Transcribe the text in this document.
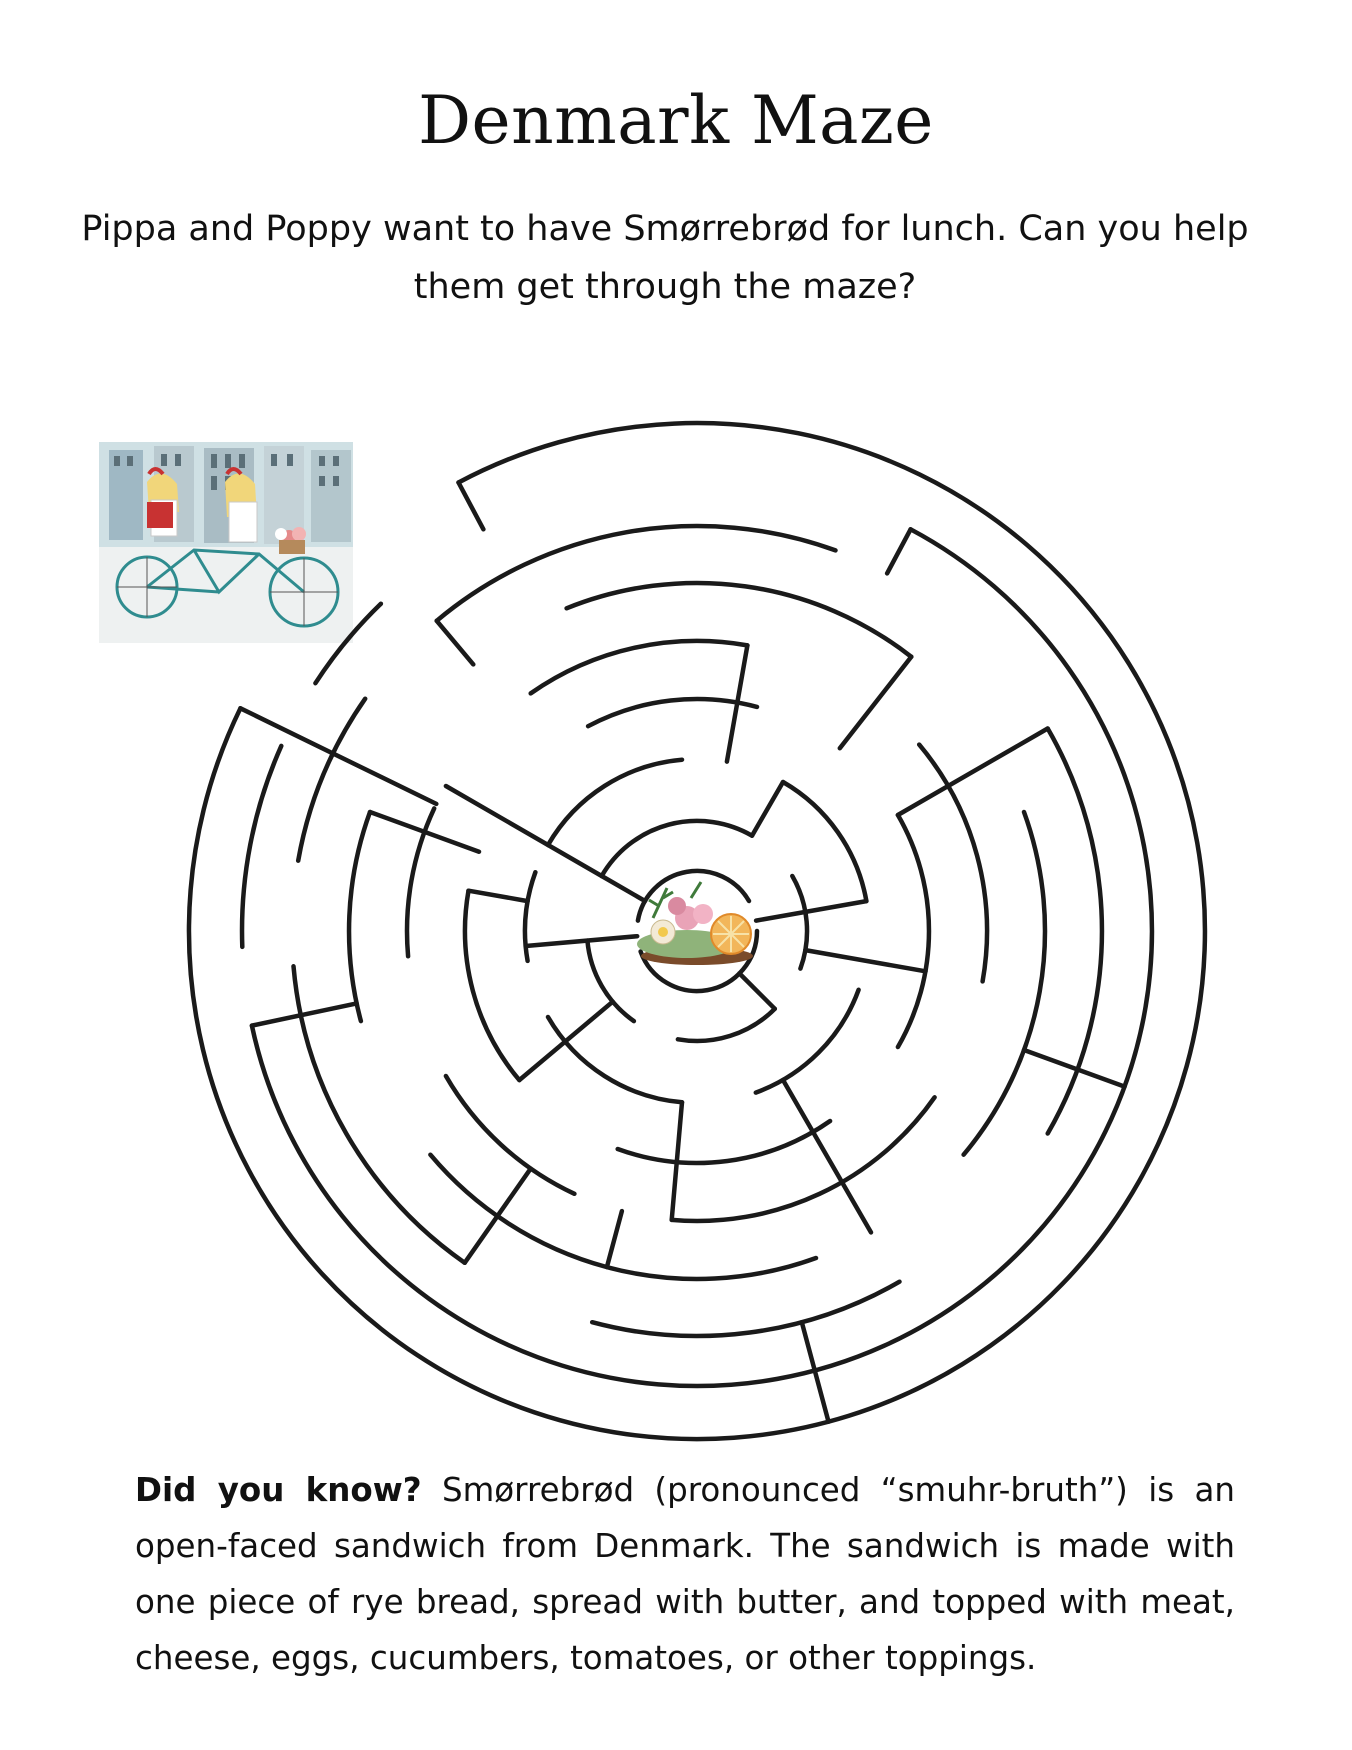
Denmark Maze

Pippa and Poppy want to have Smørrebrød for lunch. Can you help them get through the maze?

Did you know? Smørrebrød (pronounced “smuhr-bruth”) is an open-faced sandwich from Denmark. The sandwich is made with one piece of rye bread, spread with butter, and topped with meat, cheese, eggs, cucumbers, tomatoes, or other toppings.
